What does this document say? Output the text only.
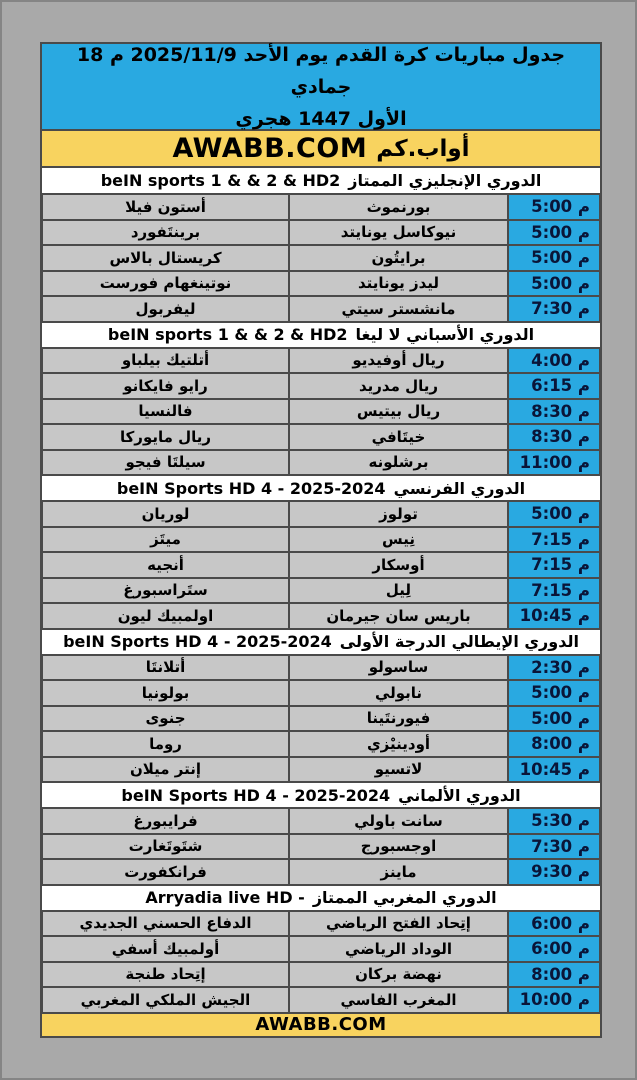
جدول مباريات كرة القدم يوم الأحد 2025/11/9 م 18 جمادي
الأول 1447 هجري
أواب.كم
AWABB.COM
الدوري الإنجليزي الممتاز
beIN sports 1 & & 2 & HD2
م 5:00
بورنموث
أستون فيلا
م 5:00
نيوكاسل يونايتد
برينتَفورد
م 5:00
برايتُون
كريستال بالاس
م 5:00
ليدز يونايتد
نوتينغهام فورست
م 7:30
مانشستر سيتي
ليفربول
الدوري الأسباني لا ليغا
beIN sports 1 & & 2 & HD2
م 4:00
ريال أوفيديو
أتلتيك بيلباو
م 6:15
ريال مدريد
رايو فايكانو
م 8:30
ريال بيتيس
فالنسيا
م 8:30
خيتَافي
ريال مايوركا
م 11:00
برشلونه
سيلتَا فيجو
الدوري الفرنسي
beIN Sports HD 4 - 2025-2024
م 5:00
تولوز
لوريان
م 7:15
نِيس
ميتَز
م 7:15
أوسكار
أنجيه
م 7:15
لِيل
ستَراسبورغ
م 10:45
باريس سان جيرمان
اولمبيك ليون
الدوري الإيطالي الدرجة الأولى
beIN Sports HD 4 - 2025-2024
م 2:30
ساسولو
أتلانتَا
م 5:00
نابولي
بولونيا
م 5:00
فيورنتَينا
جنوى
م 8:00
أودينيْزي
روما
م 10:45
لاتسيو
إنتر ميلان
الدوري الألماني
beIN Sports HD 4 - 2025-2024
م 5:30
سانت باولي
فرايبورغ
م 7:30
اوجسبورج
شتَوتَغارت
م 9:30
ماينز
فرانكفورت
الدوري المغربي الممتاز
Arryadia live HD -
م 6:00
إتِحاد الفتح الرياضي
الدفاع الحسني الجديدي
م 6:00
الوداد الرياضي
أولمبيك أسفي
م 8:00
نهضة بركان
إتِحاد طنجة
م 10:00
المغرب الفاسي
الجيش الملكي المغربي
AWABB.COM
